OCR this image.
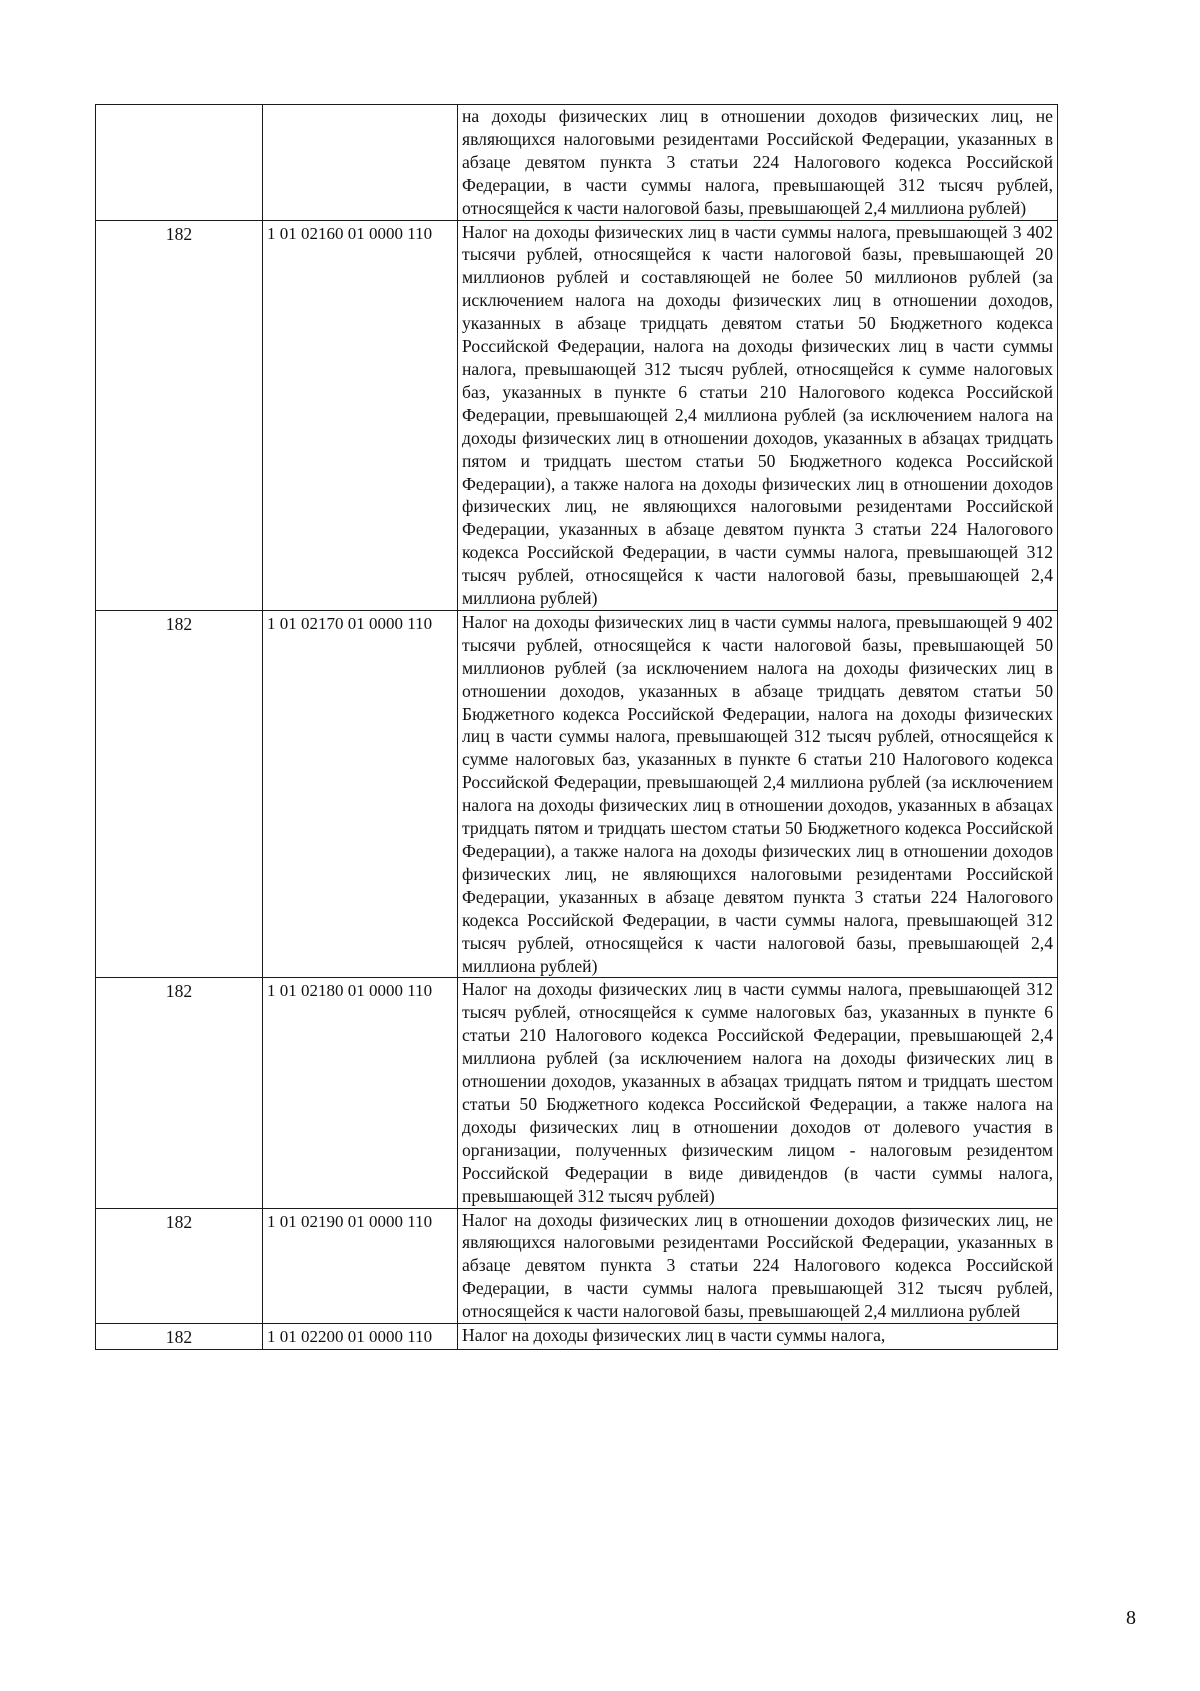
		на доходы физических лиц в отношении доходов физических лиц, не являющихся налоговыми резидентами Российской Федерации, указанных в абзаце девятом пункта 3 статьи 224 Налогового кодекса Российской Федерации, в части суммы налога, превышающей 312 тысяч рублей, относящейся к части налоговой базы, превышающей 2,4 миллиона рублей)
182	1 01 02160 01 0000 110	Налог на доходы физических лиц в части суммы налога, превышающей 3 402 тысячи рублей, относящейся к части налоговой базы, превышающей 20 миллионов рублей и составляющей не более 50 миллионов рублей (за исключением налога на доходы физических лиц в отношении доходов, указанных в абзаце тридцать девятом статьи 50 Бюджетного кодекса Российской Федерации, налога на доходы физических лиц в части суммы налога, превышающей 312 тысяч рублей, относящейся к сумме налоговых баз, указанных в пункте 6 статьи 210 Налогового кодекса Российской Федерации, превышающей 2,4 миллиона рублей (за исключением налога на доходы физических лиц в отношении доходов, указанных в абзацах тридцать пятом и тридцать шестом статьи 50 Бюджетного кодекса Российской Федерации), а также налога на доходы физических лиц в отношении доходов физических лиц, не являющихся налоговыми резидентами Российской Федерации, указанных в абзаце девятом пункта 3 статьи 224 Налогового кодекса Российской Федерации, в части суммы налога, превышающей 312 тысяч рублей, относящейся к части налоговой базы, превышающей 2,4 миллиона рублей)
182	1 01 02170 01 0000 110	Налог на доходы физических лиц в части суммы налога, превышающей 9 402 тысячи рублей, относящейся к части налоговой базы, превышающей 50 миллионов рублей (за исключением налога на доходы физических лиц в отношении доходов, указанных в абзаце тридцать девятом статьи 50 Бюджетного кодекса Российской Федерации, налога на доходы физических лиц в части суммы налога, превышающей 312 тысяч рублей, относящейся к сумме налоговых баз, указанных в пункте 6 статьи 210 Налогового кодекса Российской Федерации, превышающей 2,4 миллиона рублей (за исключением налога на доходы физических лиц в отношении доходов, указанных в абзацах тридцать пятом и тридцать шестом статьи 50 Бюджетного кодекса Российской Федерации), а также налога на доходы физических лиц в отношении доходов физических лиц, не являющихся налоговыми резидентами Российской Федерации, указанных в абзаце девятом пункта 3 статьи 224 Налогового кодекса Российской Федерации, в части суммы налога, превышающей 312 тысяч рублей, относящейся к части налоговой базы, превышающей 2,4 миллиона рублей)
182	1 01 02180 01 0000 110	Налог на доходы физических лиц в части суммы налога, превышающей 312 тысяч рублей, относящейся к сумме налоговых баз, указанных в пункте 6 статьи 210 Налогового кодекса Российской Федерации, превышающей 2,4 миллиона рублей (за исключением налога на доходы физических лиц в отношении доходов, указанных в абзацах тридцать пятом и тридцать шестом статьи 50 Бюджетного кодекса Российской Федерации, а также налога на доходы физических лиц в отношении доходов от долевого участия в организации, полученных физическим лицом - налоговым резидентом Российской Федерации в виде дивидендов (в части суммы налога, превышающей 312 тысяч рублей)
182	1 01 02190 01 0000 110	Налог на доходы физических лиц в отношении доходов физических лиц, не являющихся налоговыми резидентами Российской Федерации, указанных в абзаце девятом пункта 3 статьи 224 Налогового кодекса Российской Федерации, в части суммы налога превышающей 312 тысяч рублей, относящейся к части налоговой базы, превышающей 2,4 миллиона рублей
182	1 01 02200 01 0000 110	Налог на доходы физических лиц в части суммы налога,
8
